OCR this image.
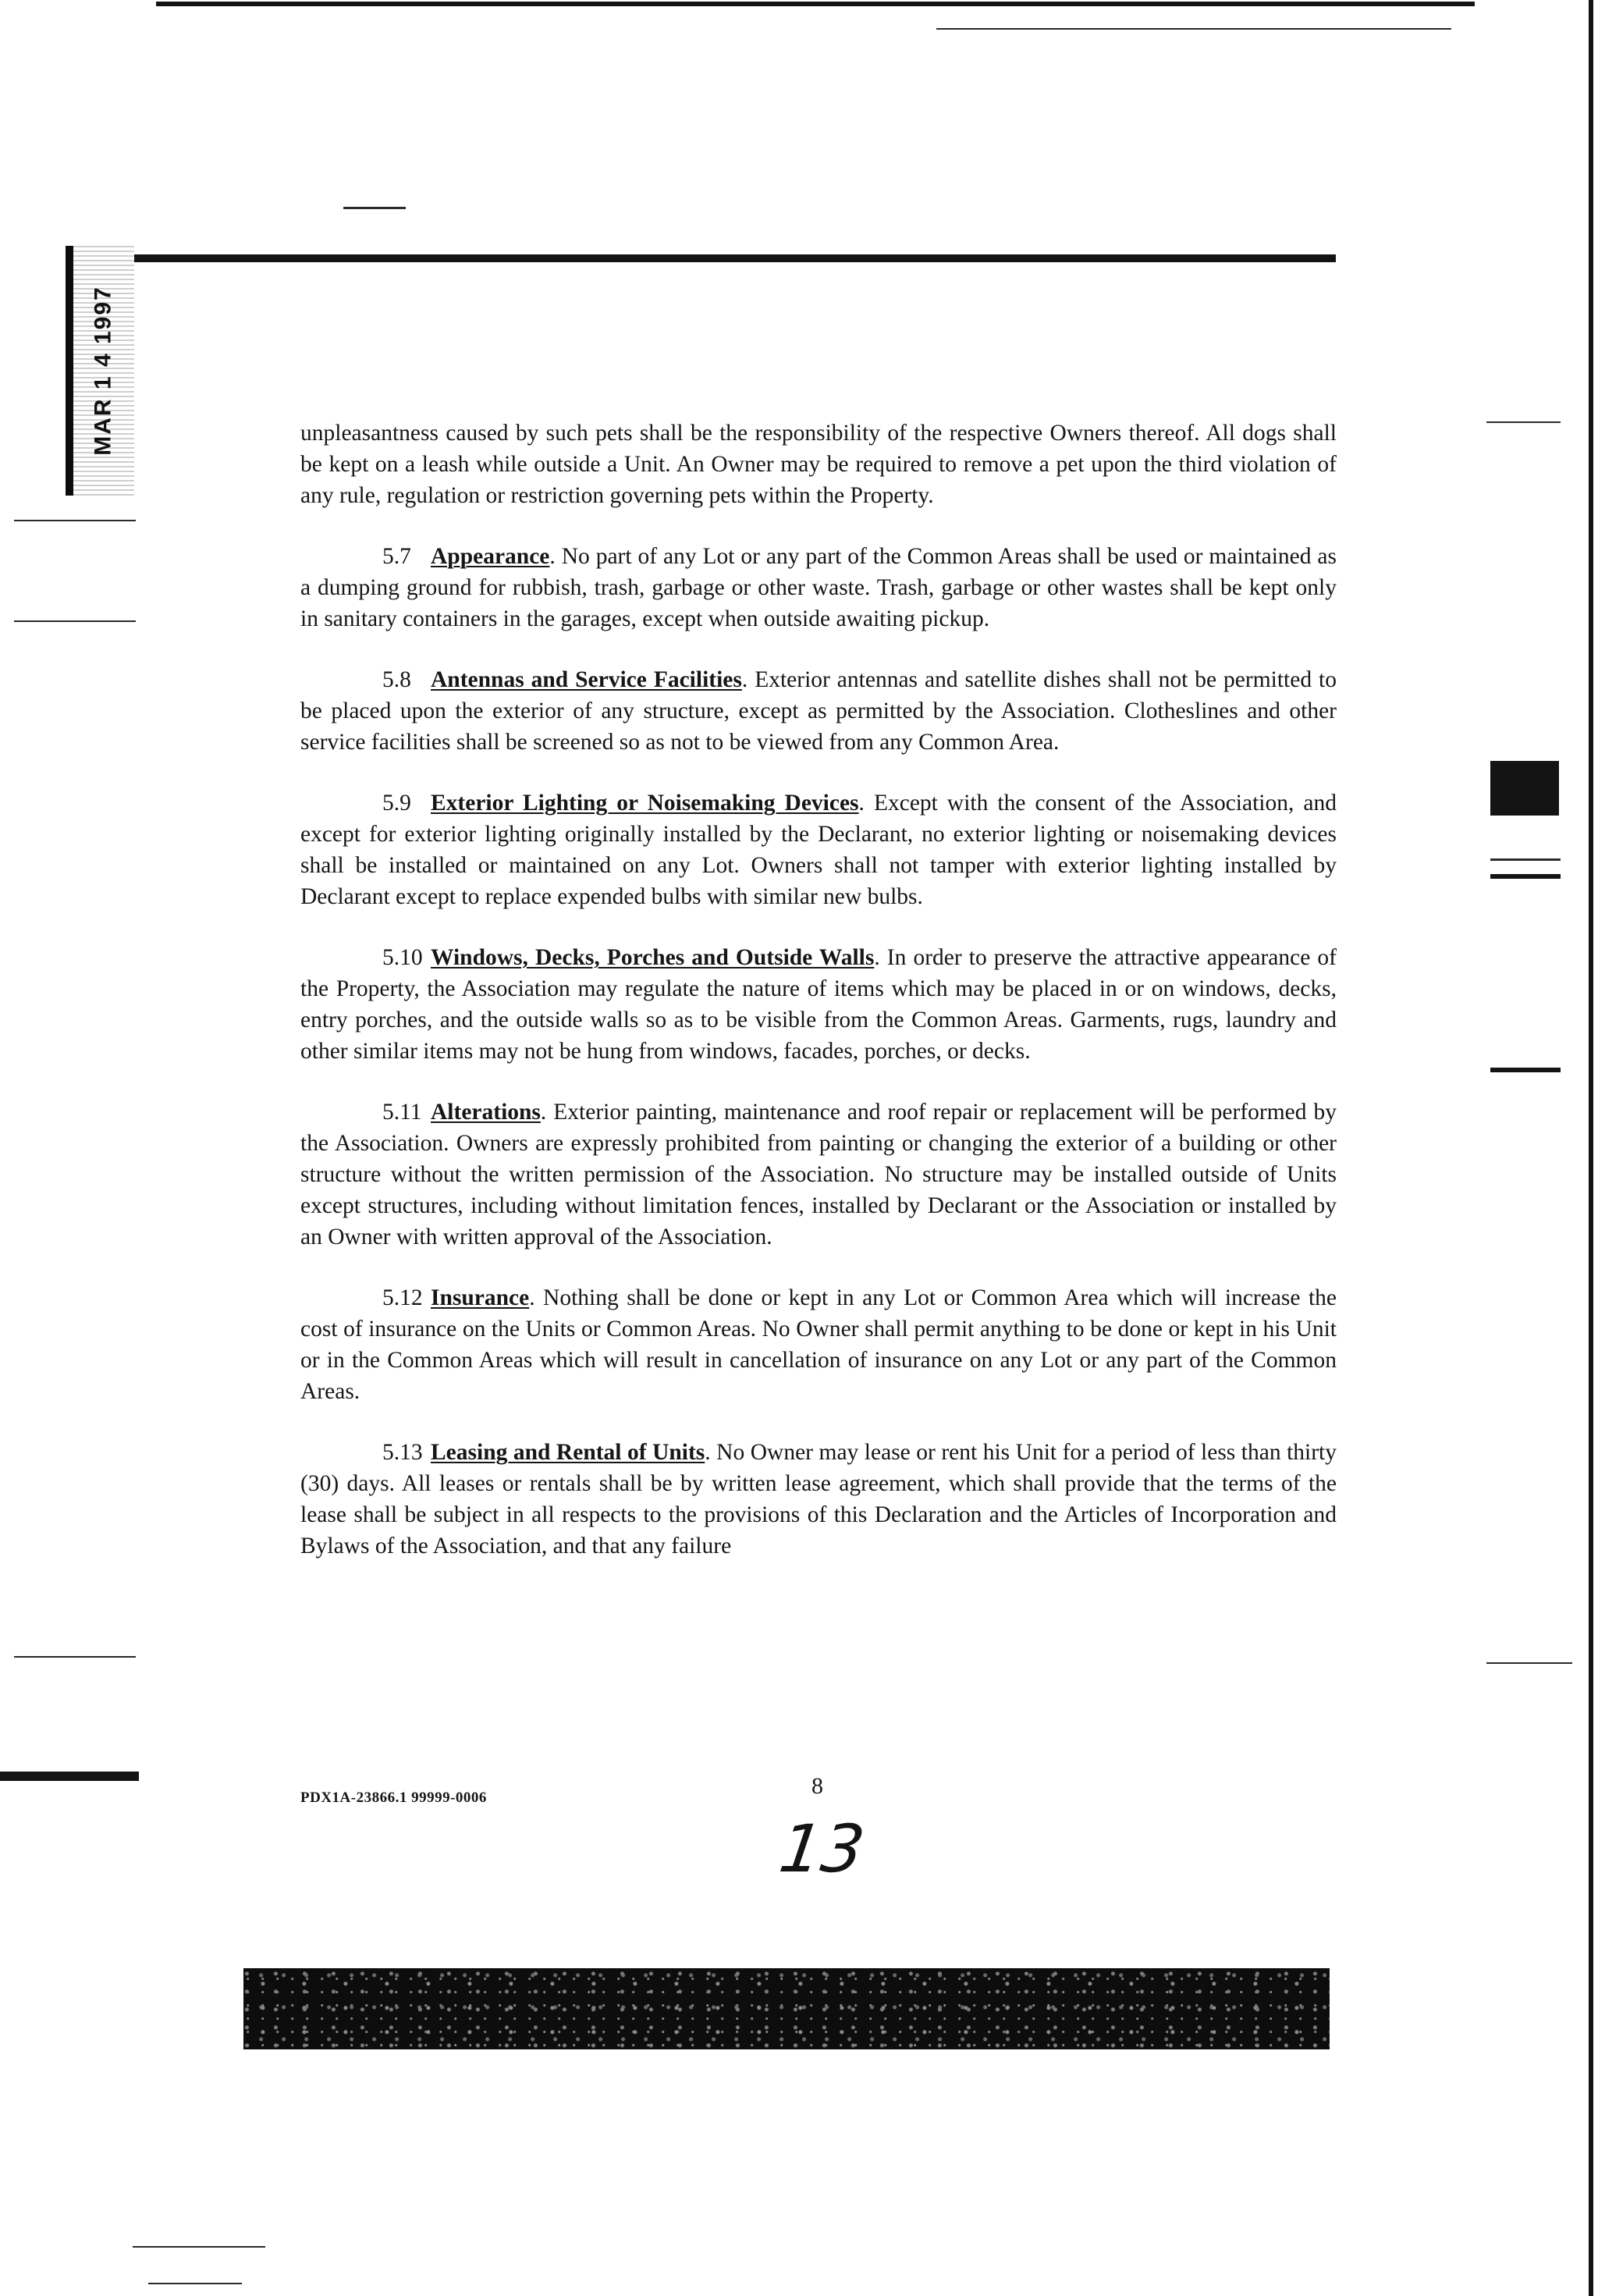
MAR 1 4 1997	unpleasantness caused by such pets shall be the responsibility of the respective Owners thereof. All dogs shall be kept on a leash while outside a Unit. An Owner may be required to remove a pet upon the third violation of any rule, regulation or restriction governing pets within the Property.

5.7 Appearance. No part of any Lot or any part of the Common Areas shall be used or maintained as a dumping ground for rubbish, trash, garbage or other waste. Trash, garbage or other wastes shall be kept only in sanitary containers in the garages, except when outside awaiting pickup.

5.8 Antennas and Service Facilities. Exterior antennas and satellite dishes shall not be permitted to be placed upon the exterior of any structure, except as permitted by the Association. Clotheslines and other service facilities shall be screened so as not to be viewed from any Common Area.

5.9 Exterior Lighting or Noisemaking Devices. Except with the consent of the Association, and except for exterior lighting originally installed by the Declarant, no exterior lighting or noisemaking devices shall be installed or maintained on any Lot. Owners shall not tamper with exterior lighting installed by Declarant except to replace expended bulbs with similar new bulbs.

5.10 Windows, Decks, Porches and Outside Walls. In order to preserve the attractive appearance of the Property, the Association may regulate the nature of items which may be placed in or on windows, decks, entry porches, and the outside walls so as to be visible from the Common Areas. Garments, rugs, laundry and other similar items may not be hung from windows, facades, porches, or decks.

5.11 Alterations. Exterior painting, maintenance and roof repair or replacement will be performed by the Association. Owners are expressly prohibited from painting or changing the exterior of a building or other structure without the written permission of the Association. No structure may be installed outside of Units except structures, including without limitation fences, installed by Declarant or the Association or installed by an Owner with written approval of the Association.

5.12 Insurance. Nothing shall be done or kept in any Lot or Common Area which will increase the cost of insurance on the Units or Common Areas. No Owner shall permit anything to be done or kept in his Unit or in the Common Areas which will result in cancellation of insurance on any Lot or any part of the Common Areas.

5.13 Leasing and Rental of Units. No Owner may lease or rent his Unit for a period of less than thirty (30) days. All leases or rentals shall be by written lease agreement, which shall provide that the terms of the lease shall be subject in all respects to the provisions of this Declaration and the Articles of Incorporation and Bylaws of the Association, and that any failure

PDX1A-23866.1 99999-0006	8
13
